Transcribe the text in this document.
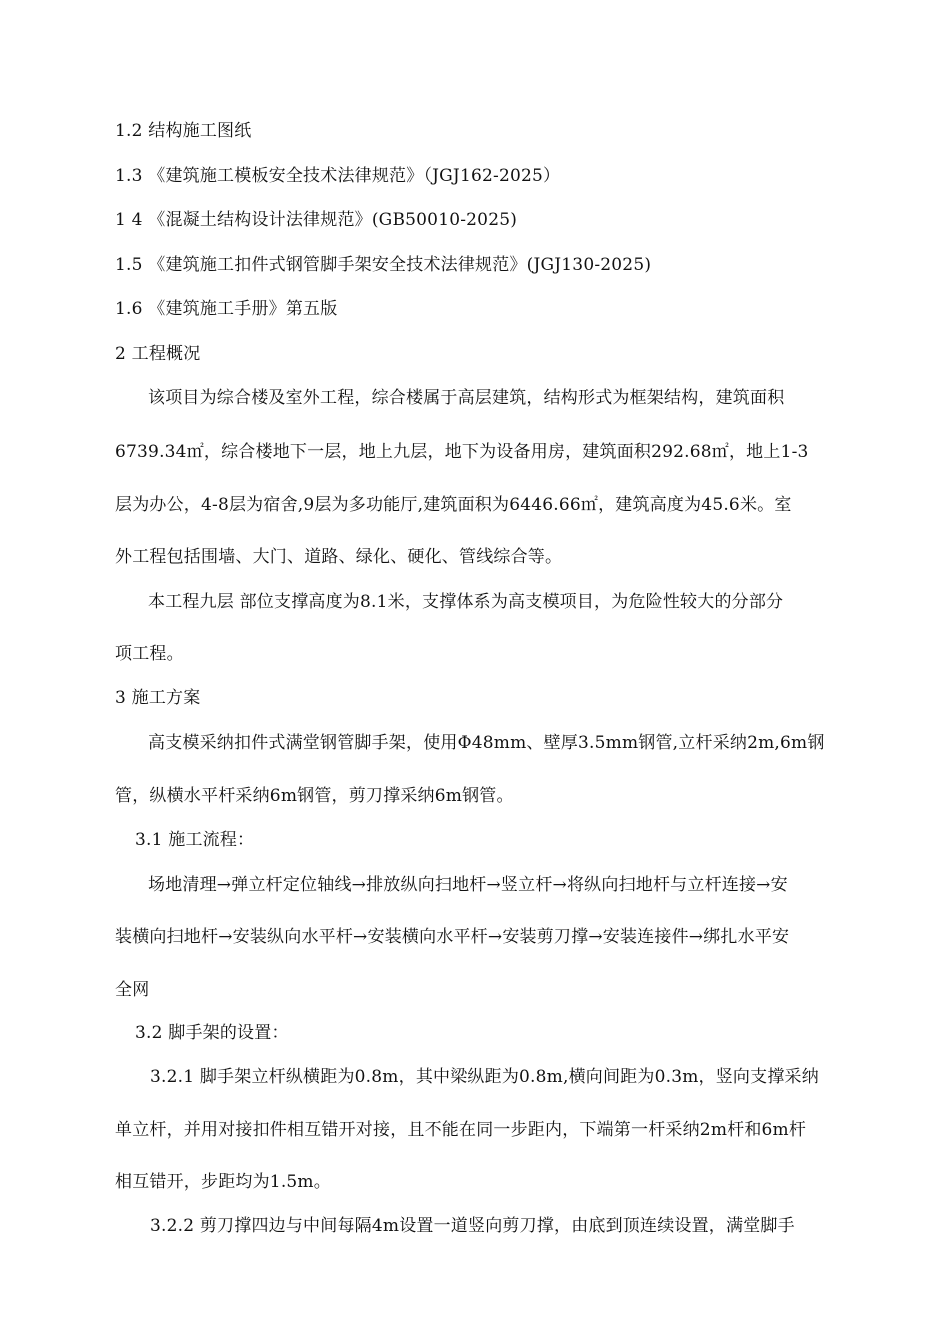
1.2 结构施工图纸
1.3 《建筑施工模板安全技术法律规范》（JGJ162-2025）
1 4 《混凝土结构设计法律规范》(GB50010-2025)
1.5 《建筑施工扣件式钢管脚手架安全技术法律规范》(JGJ130-2025)
1.6 《建筑施工手册》第五版
2 工程概况
该项目为综合楼及室外工程，综合楼属于高层建筑，结构形式为框架结构，建筑面积
6739.34㎡，综合楼地下一层，地上九层，地下为设备用房，建筑面积292.68㎡，地上1-3
层为办公，4-8层为宿舍,9层为多功能厅,建筑面积为6446.66㎡，建筑高度为45.6米。室
外工程包括围墙、大门、道路、绿化、硬化、管线综合等。
本工程九层 部位支撑高度为8.1米，支撑体系为高支模项目，为危险性较大的分部分
项工程。
3 施工方案
高支模采纳扣件式满堂钢管脚手架，使用Φ48mm、壁厚3.5mm钢管,立杆采纳2m,6m钢
管，纵横水平杆采纳6m钢管，剪刀撑采纳6m钢管。
3.1 施工流程：
场地清理→弹立杆定位轴线→排放纵向扫地杆→竖立杆→将纵向扫地杆与立杆连接→安
装横向扫地杆→安装纵向水平杆→安装横向水平杆→安装剪刀撑→安装连接件→绑扎水平安
全网
3.2 脚手架的设置：
3.2.1 脚手架立杆纵横距为0.8m，其中梁纵距为0.8m,横向间距为0.3m，竖向支撑采纳
单立杆，并用对接扣件相互错开对接，且不能在同一步距内，下端第一杆采纳2m杆和6m杆
相互错开，步距均为1.5m。
3.2.2 剪刀撑四边与中间每隔4m设置一道竖向剪刀撑，由底到顶连续设置，满堂脚手
